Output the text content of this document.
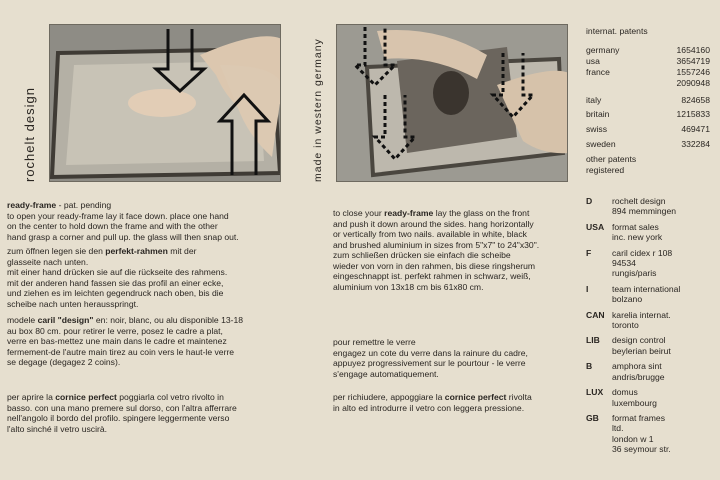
rochelt design	made in western germany
internat. patents
germany	1654160
usa	3654719
france	1557246
2090948
italy	824658
britain	1215833
swiss	469471
sweden	332284
other patents
registered

ready-frame - pat. pending

to open your ready-frame lay it face down. place one hand
on the center to hold down the frame and with the other
hand grasp a corner and pull up. the glass will then snap out.

to close your ready-frame lay the glass on the front
and push it down around the sides. hang horizontally
or vertically from two nails. available in white, black
and brushed aluminium in sizes from 5"x7" to 24"x30".

zum öffnen legen sie den perfekt-rahmen mit der
glasseite nach unten.
mit einer hand drücken sie auf die rückseite des rahmens.
mit der anderen hand fassen sie das profil an einer ecke,
und ziehen es im leichten gegendruck nach oben, bis die
scheibe nach unten herausspringt.

zum schließen drücken sie einfach die scheibe
wieder von vorn in den rahmen, bis diese ringsherum
eingeschnappt ist. perfekt rahmen in schwarz, weiß,
aluminium von 13x18 cm bis 61x80 cm.

modele caril "design" en: noir, blanc, ou alu disponible 13-18
au box 80 cm. pour retirer le verre, posez le cadre a plat,
verre en bas-mettez une main dans le cadre et maintenez
fermement-de l'autre main tirez au coin vers le haut-le verre
se degage (degagez 2 coins).

pour remettre le verre
engagez un cote du verre dans la rainure du cadre,
appuyez progressivement sur le pourtour - le verre
s'engage automatiquement.

per aprire la cornice perfect poggiarla col vetro rivolto in
basso. con una mano premere sul dorso, con l'altra afferrare
nell'angolo il bordo del profilo. spingere leggermente verso
l'alto sinché il vetro uscirà.

per richiudere, appoggiare la cornice perfect rivolta
in alto ed introdurre il vetro con leggera pressione.

D	rochelt design
894 memmingen
USA format sales
inc. new york
F	caril cidex r 108
94534
rungis/paris
I	team international
bolzano
CAN karelia internat.
toronto
LIB	design control
beylerian beirut
B	amphora sint
andris/brugge
LUX	domus
luxembourg
GB	format frames
ltd.
london w 1
36 seymour str.
